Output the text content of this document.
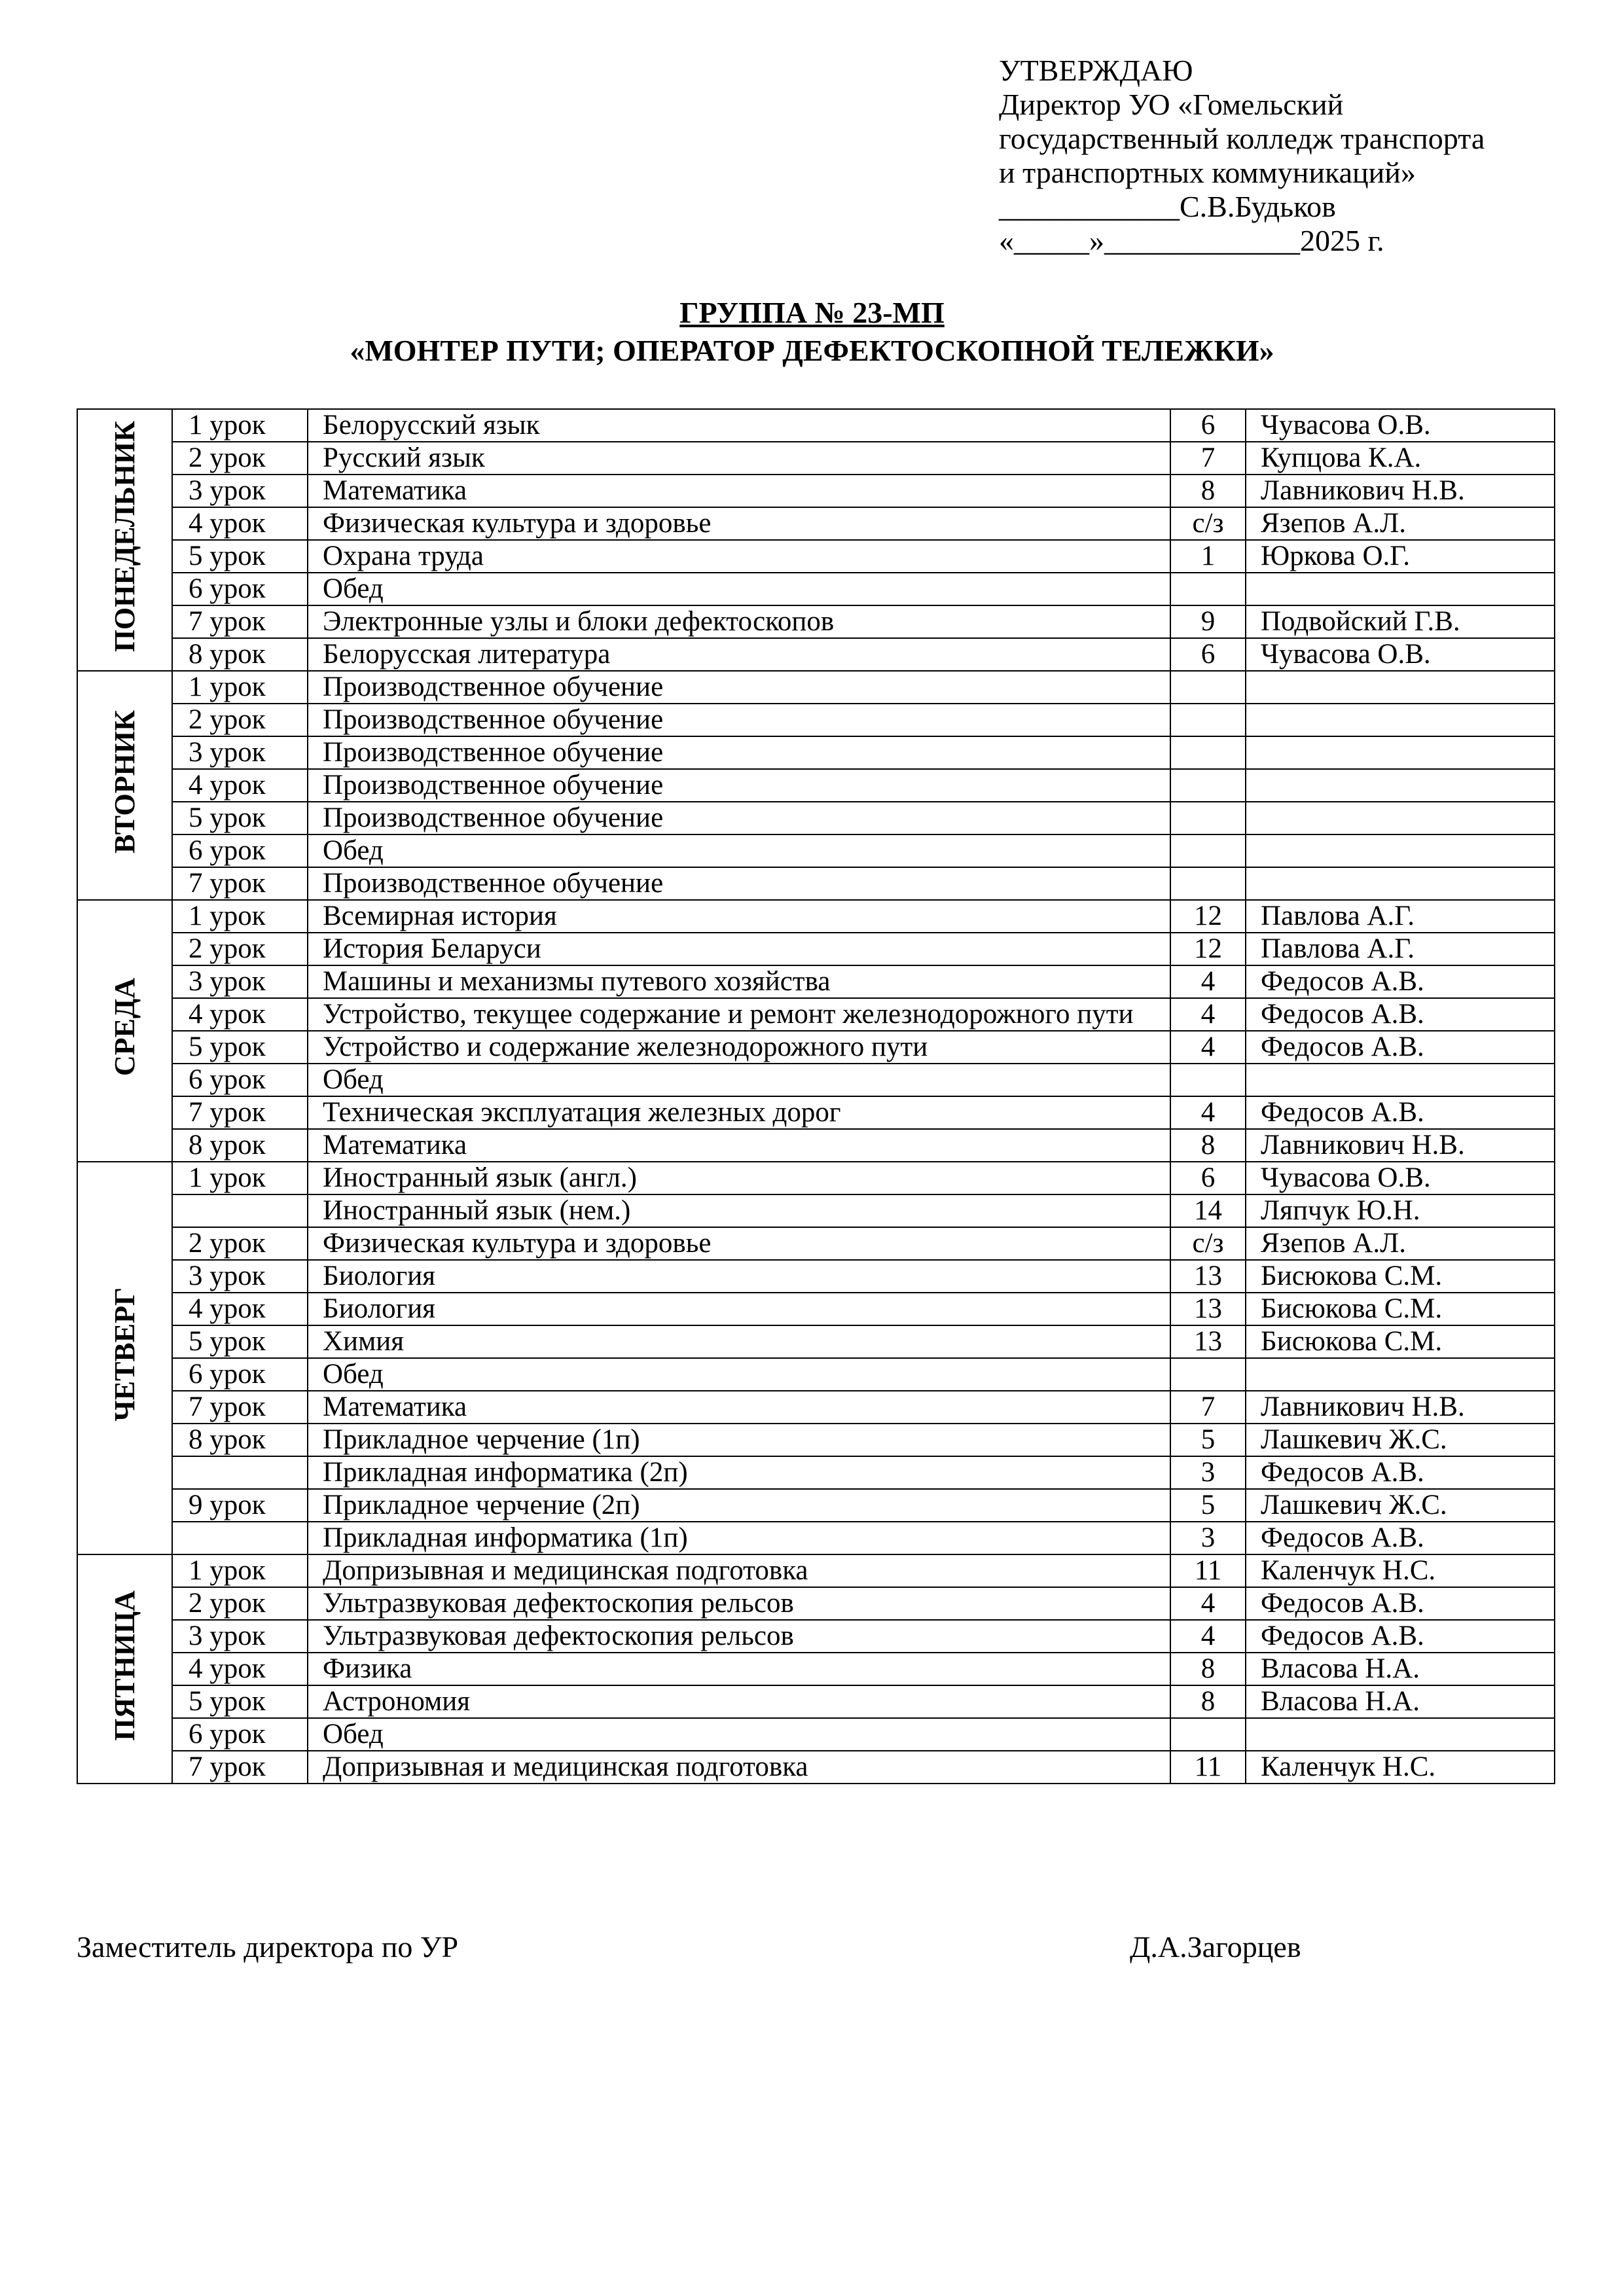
УТВЕРЖДАЮ
Директор УО «Гомельский
государственный колледж транспорта
и транспортных коммуникаций»
____________С.В.Будьков
«_____»_____________2025 г.
ГРУППА № 23-МП
«МОНТЕР ПУТИ; ОПЕРАТОР ДЕФЕКТОСКОПНОЙ ТЕЛЕЖКИ»
ПОНЕДЕЛЬНИК	1 урок	Белорусский язык	6	Чувасова О.В.
	2 урок	Русский язык	7	Купцова К.А.
	3 урок	Математика	8	Лавникович Н.В.
	4 урок	Физическая культура и здоровье	с/з	Язепов А.Л.
	5 урок	Охрана труда	1	Юркова О.Г.
	6 урок	Обед		
	7 урок	Электронные узлы и блоки дефектоскопов	9	Подвойский Г.В.
	8 урок	Белорусская литература	6	Чувасова О.В.
ВТОРНИК	1 урок	Производственное обучение		
	2 урок	Производственное обучение		
	3 урок	Производственное обучение		
	4 урок	Производственное обучение		
	5 урок	Производственное обучение		
	6 урок	Обед		
	7 урок	Производственное обучение		
СРЕДА	1 урок	Всемирная история	12	Павлова А.Г.
	2 урок	История Беларуси	12	Павлова А.Г.
	3 урок	Машины и механизмы путевого хозяйства	4	Федосов А.В.
	4 урок	Устройство, текущее содержание и ремонт железнодорожного пути	4	Федосов А.В.
	5 урок	Устройство и содержание железнодорожного пути	4	Федосов А.В.
	6 урок	Обед		
	7 урок	Техническая эксплуатация железных дорог	4	Федосов А.В.
	8 урок	Математика	8	Лавникович Н.В.
ЧЕТВЕРГ	1 урок	Иностранный язык (англ.)	6	Чувасова О.В.
		Иностранный язык (нем.)	14	Ляпчук Ю.Н.
	2 урок	Физическая культура и здоровье	с/з	Язепов А.Л.
	3 урок	Биология	13	Бисюкова С.М.
	4 урок	Биология	13	Бисюкова С.М.
	5 урок	Химия	13	Бисюкова С.М.
	6 урок	Обед		
	7 урок	Математика	7	Лавникович Н.В.
	8 урок	Прикладное черчение (1п)	5	Лашкевич Ж.С.
		Прикладная информатика (2п)	3	Федосов А.В.
	9 урок	Прикладное черчение (2п)	5	Лашкевич Ж.С.
		Прикладная информатика (1п)	3	Федосов А.В.
ПЯТНИЦА	1 урок	Допризывная и медицинская подготовка	11	Каленчук Н.С.
	2 урок	Ультразвуковая дефектоскопия рельсов	4	Федосов А.В.
	3 урок	Ультразвуковая дефектоскопия рельсов	4	Федосов А.В.
	4 урок	Физика	8	Власова Н.А.
	5 урок	Астрономия	8	Власова Н.А.
	6 урок	Обед		
	7 урок	Допризывная и медицинская подготовка	11	Каленчук Н.С.
Заместитель директора по УР	Д.А.Загорцев
